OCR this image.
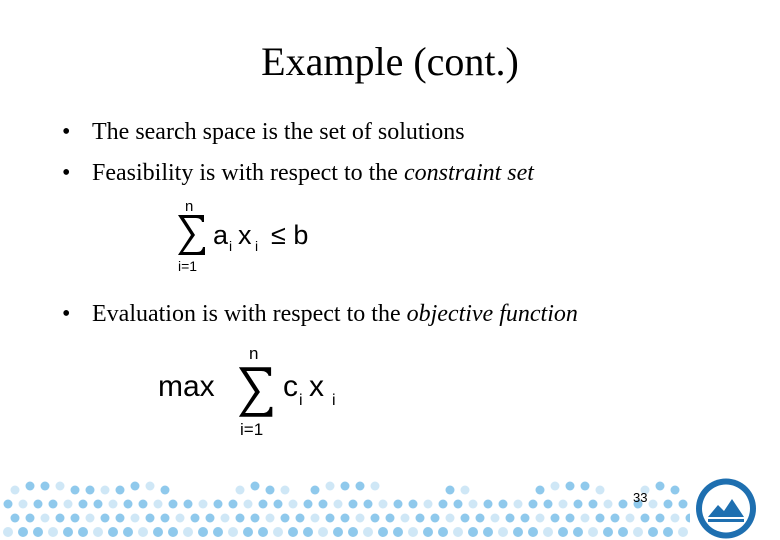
Example (cont.)
• The search space is the set of solutions
• Feasibility is with respect to the constraint set
n
i=1
a i x i ≤ b
• Evaluation is with respect to the objective function
max
n
i=1
c i x i
33
